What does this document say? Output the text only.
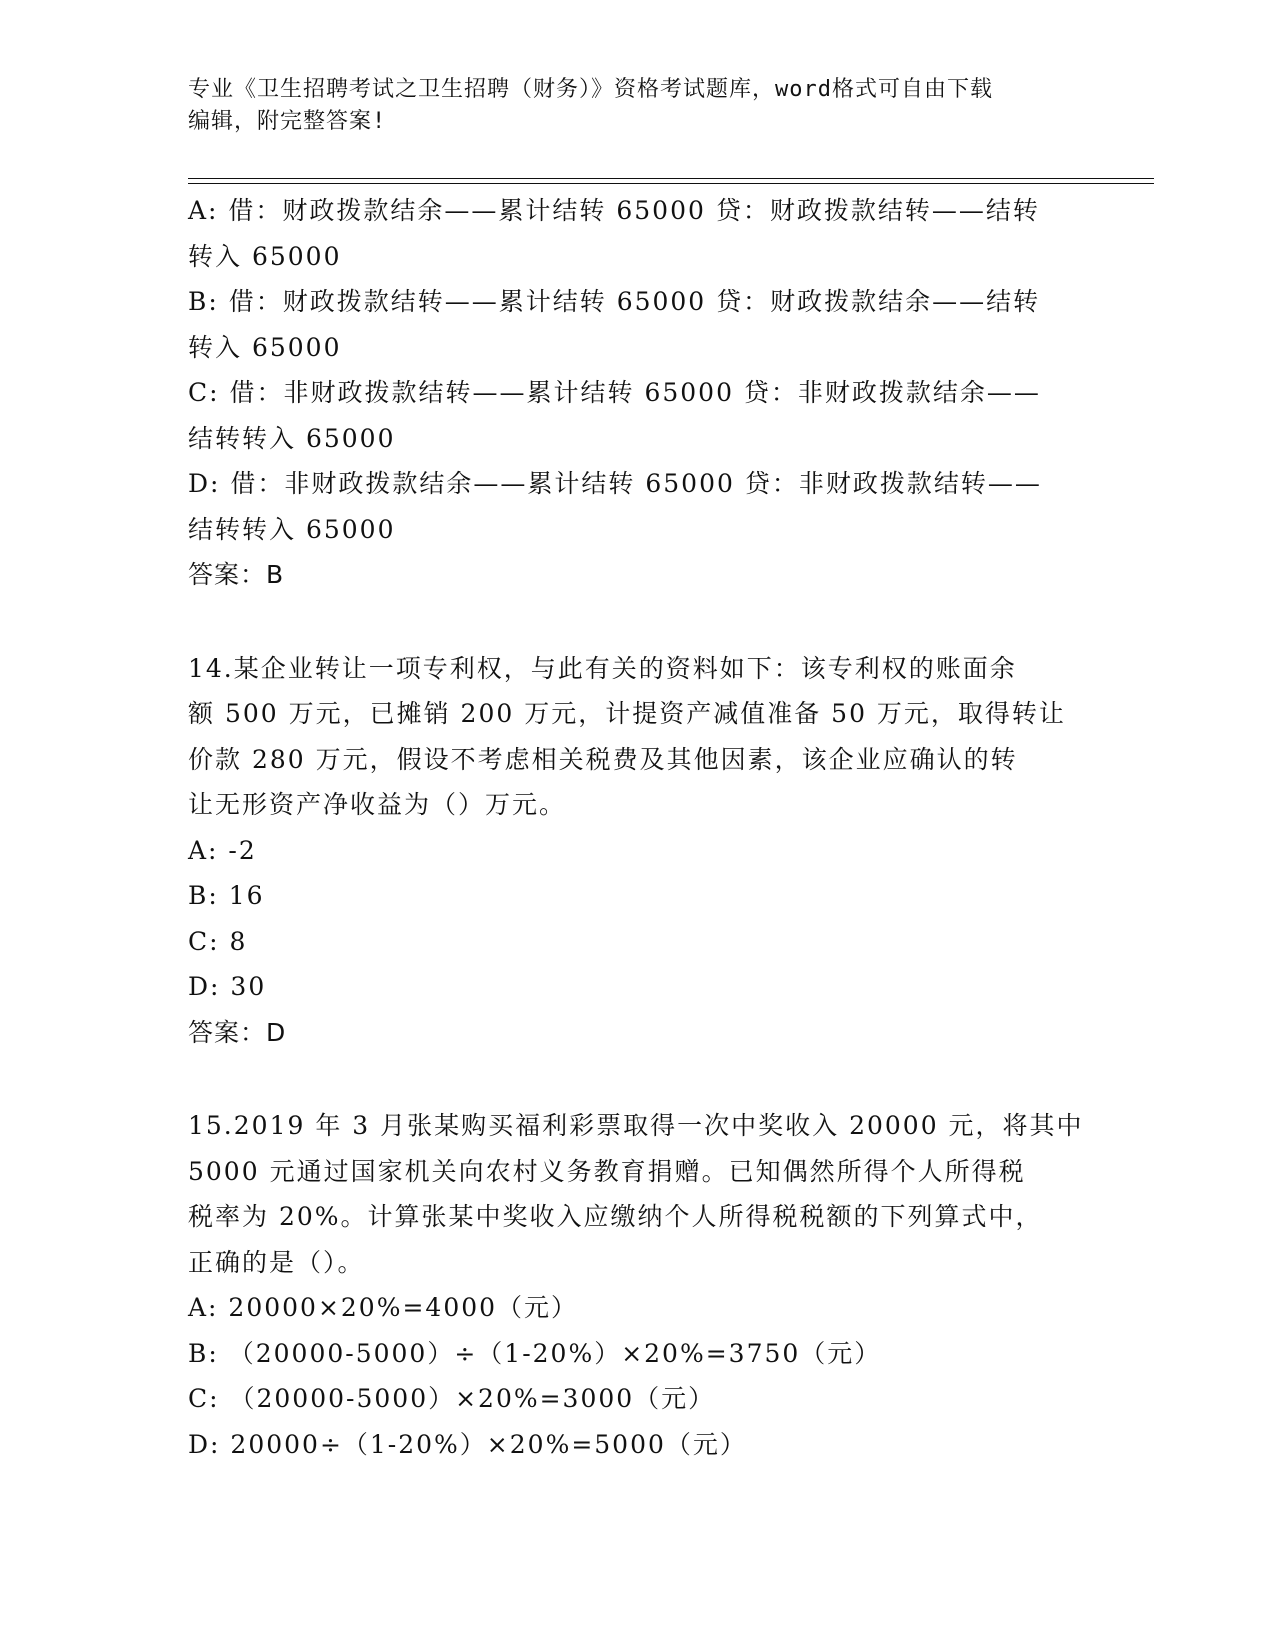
专业《卫生招聘考试之卫生招聘（财务）》资格考试题库，word格式可自由下载
编辑，附完整答案!
A: 借：财政拨款结余——累计结转 65000 贷：财政拨款结转——结转
转入 65000
B: 借：财政拨款结转——累计结转 65000 贷：财政拨款结余——结转
转入 65000
C: 借：非财政拨款结转——累计结转 65000 贷：非财政拨款结余——
结转转入 65000
D: 借：非财政拨款结余——累计结转 65000 贷：非财政拨款结转——
结转转入 65000
答案：B
14.某企业转让一项专利权，与此有关的资料如下：该专利权的账面余
额 500 万元，已摊销 200 万元，计提资产减值准备 50 万元，取得转让
价款 280 万元，假设不考虑相关税费及其他因素，该企业应确认的转
让无形资产净收益为（）万元。
A: -2
B: 16
C: 8
D: 30
答案：D
15.2019 年 3 月张某购买福利彩票取得一次中奖收入 20000 元，将其中
5000 元通过国家机关向农村义务教育捐赠。已知偶然所得个人所得税
税率为 20%。计算张某中奖收入应缴纳个人所得税税额的下列算式中，
正确的是（）。
A: 20000×20%=4000（元）
B: （20000-5000）÷（1-20%）×20%=3750（元）
C: （20000-5000）×20%=3000（元）
D: 20000÷（1-20%）×20%=5000（元）
